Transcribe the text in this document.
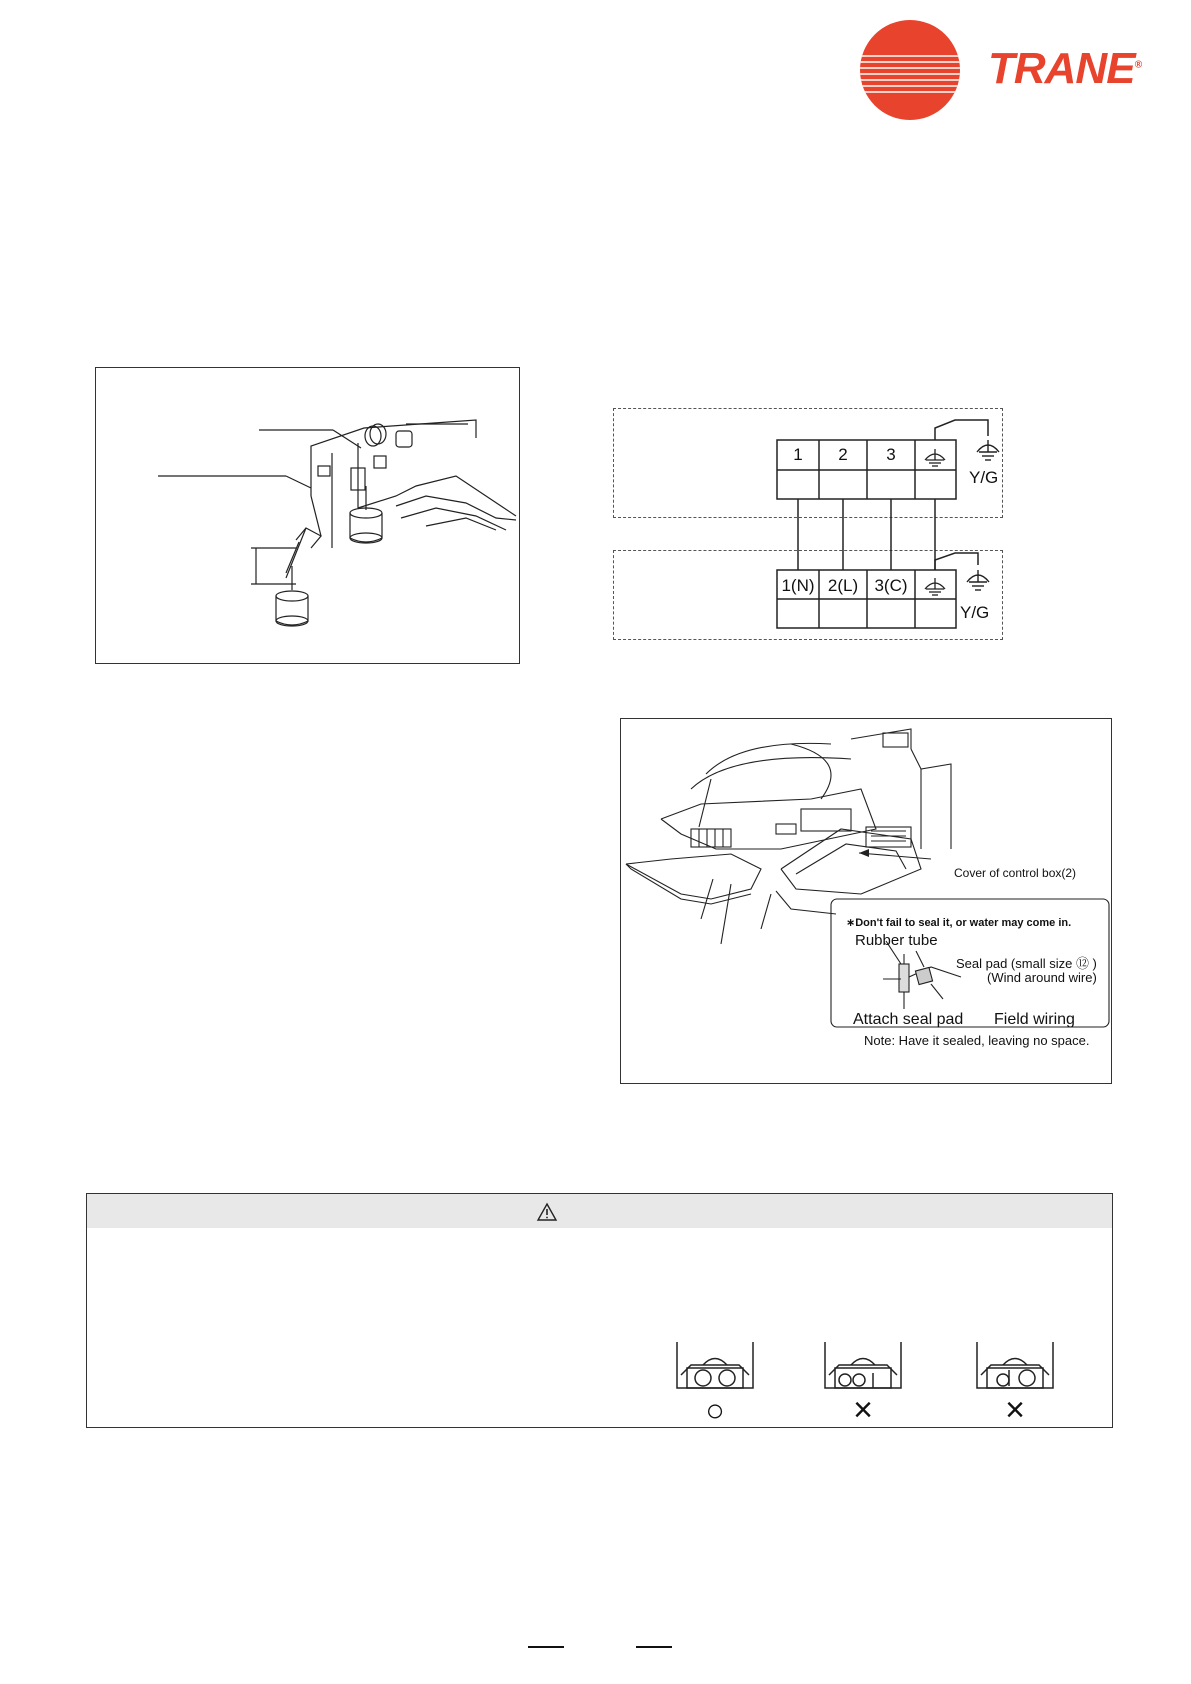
TRANE®
1	2	3
1(N) 2(L) 3(C)
Y/G
Y/G
Cover of control box(2)
∗Don't fail to seal it, or water may come in.
Rubber tube
Seal pad (small size ⑫ )
(Wind around wire)
Attach seal pad Field wiring
Note: Have it sealed, leaving no space.
○	×	×
